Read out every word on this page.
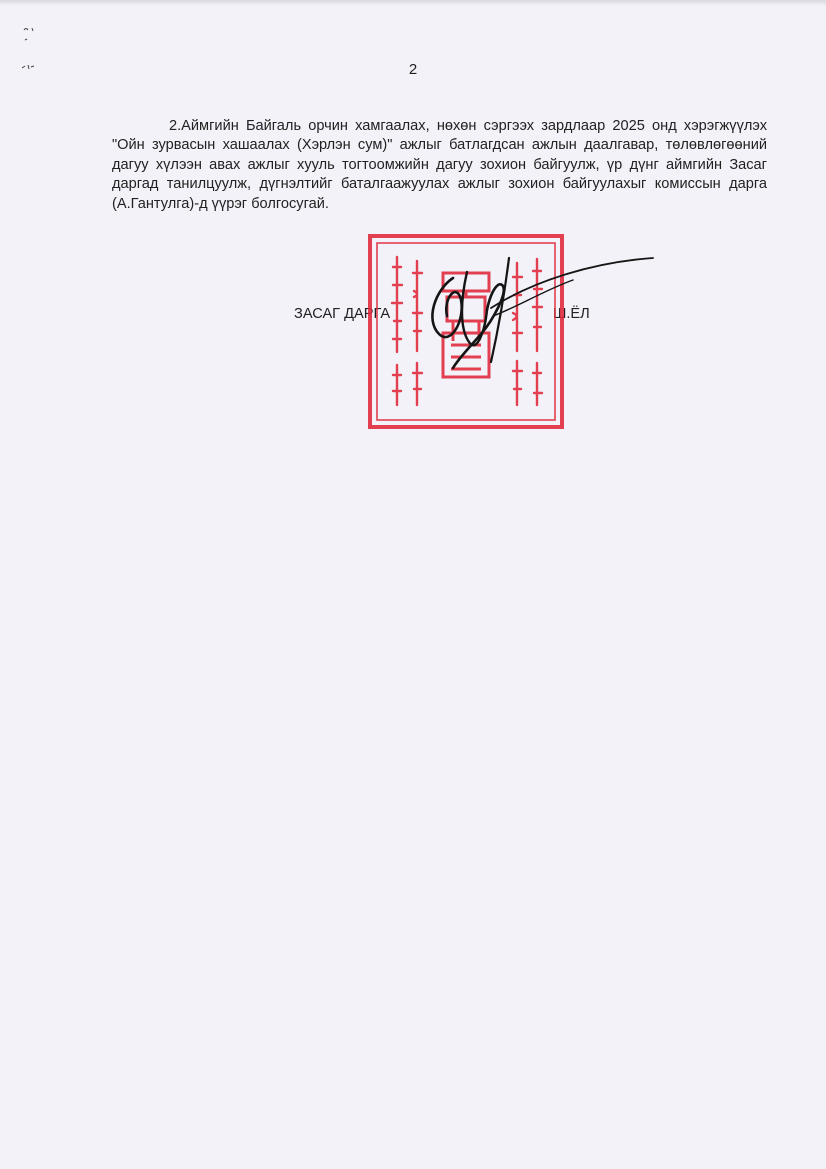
2

2.Аймгийн Байгаль орчин хамгаалах, нөхөн сэргээх зардлаар 2025 онд хэрэгжүүлэх "Ойн зурвасын хашаалах (Хэрлэн сум)" ажлыг батлагдсан ажлын даалгавар, төлөвлөгөөний дагуу хүлээн авах ажлыг хууль тогтоомжийн дагуу зохион байгуулж, үр дүнг аймгийн Засаг даргад танилцуулж, дүгнэлтийг баталгаажуулах ажлыг зохион байгуулахыг комиссын дарга (А.Гантулга)-д үүрэг болгосугай.

ЗАСАГ ДАРГА	Ш.ЁЛ
